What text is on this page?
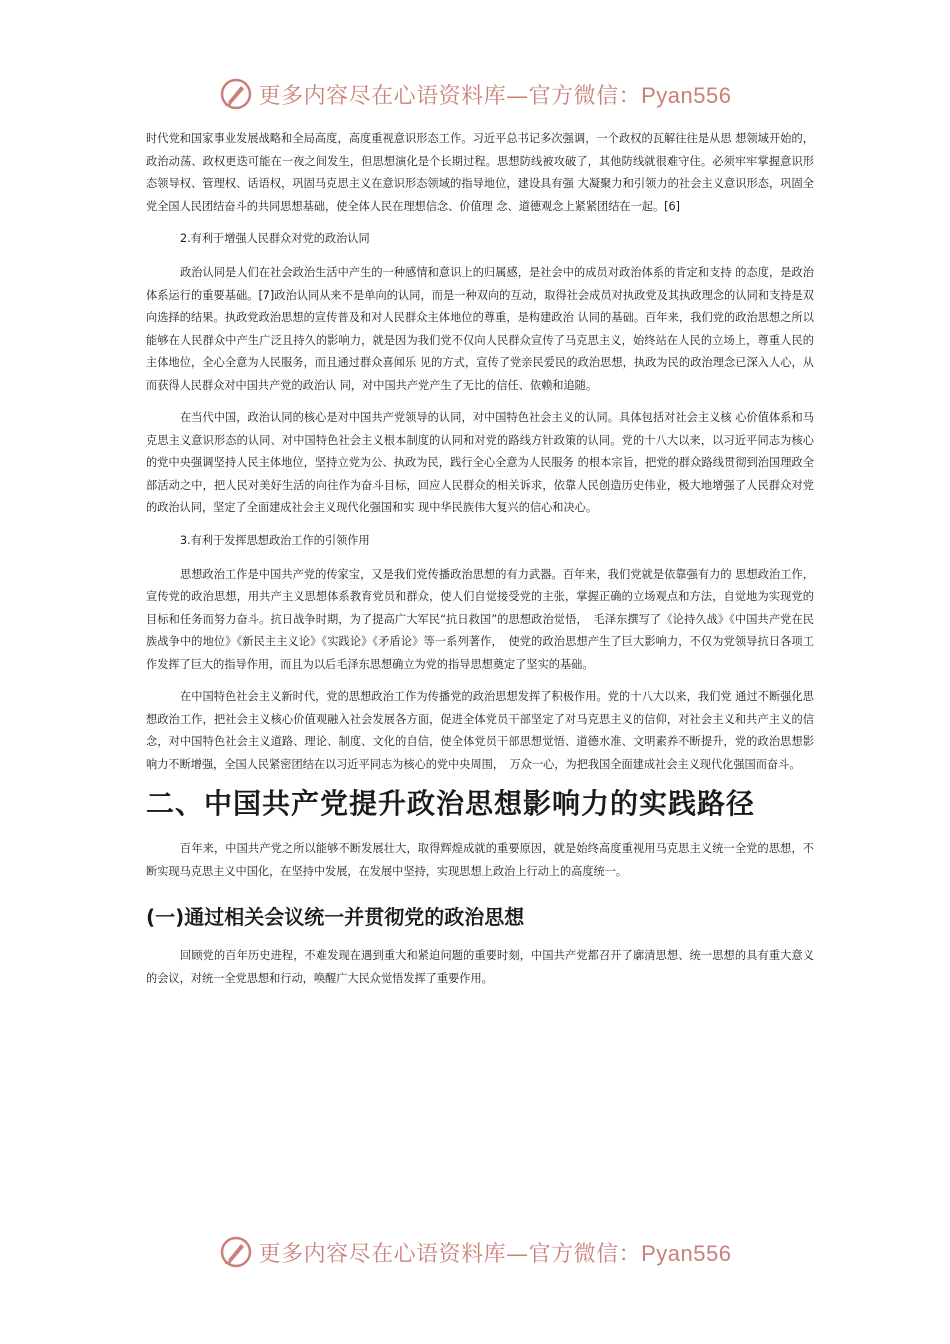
更多内容尽在心语资料库—官方微信：Pyan556

时代党和国家事业发展战略和全局高度，高度重视意识形态工作。习近平总书记多次强调，一个政权的瓦解往往是从思 想领域开始的，政治动荡、政权更迭可能在一夜之间发生，但思想演化是个长期过程。思想防线被攻破了，其他防线就很难守住。必须牢牢掌握意识形态领导权、管理权、话语权，巩固马克思主义在意识形态领域的指导地位，建设具有强 大凝聚力和引领力的社会主义意识形态，巩固全党全国人民团结奋斗的共同思想基础，使全体人民在理想信念、价值理 念、道德观念上紧紧团结在一起。[6]

2.有利于增强人民群众对党的政治认同

政治认同是人们在社会政治生活中产生的一种感情和意识上的归属感，是社会中的成员对政治体系的肯定和支持 的态度，是政治体系运行的重要基础。[7]政治认同从来不是单向的认同，而是一种双向的互动，取得社会成员对执政党及其执政理念的认同和支持是双向选择的结果。执政党政治思想的宣传普及和对人民群众主体地位的尊重，是构建政治 认同的基础。百年来，我们党的政治思想之所以能够在人民群众中产生广泛且持久的影响力，就是因为我们党不仅向人民群众宣传了马克思主义，始终站在人民的立场上，尊重人民的主体地位，全心全意为人民服务，而且通过群众喜闻乐 见的方式，宣传了党亲民爱民的政治思想，执政为民的政治理念已深入人心，从而获得人民群众对中国共产党的政治认 同，对中国共产党产生了无比的信任、依赖和追随。

在当代中国，政治认同的核心是对中国共产党领导的认同，对中国特色社会主义的认同。具体包括对社会主义核 心价值体系和马克思主义意识形态的认同、对中国特色社会主义根本制度的认同和对党的路线方针政策的认同。党的十八大以来，以习近平同志为核心的党中央强调坚持人民主体地位，坚持立党为公、执政为民，践行全心全意为人民服务 的根本宗旨，把党的群众路线贯彻到治国理政全部活动之中，把人民对美好生活的向往作为奋斗目标，回应人民群众的相关诉求，依靠人民创造历史伟业，极大地增强了人民群众对党的政治认同，坚定了全面建成社会主义现代化强国和实 现中华民族伟大复兴的信心和决心。

3.有利于发挥思想政治工作的引领作用

思想政治工作是中国共产党的传家宝，又是我们党传播政治思想的有力武器。百年来，我们党就是依靠强有力的 思想政治工作，宣传党的政治思想，用共产主义思想体系教育党员和群众，使人们自觉接受党的主张，掌握正确的立场观点和方法，自觉地为实现党的目标和任务而努力奋斗。抗日战争时期，为了提高广大军民“抗日救国”的思想政治觉悟，　毛泽东撰写了《论持久战》《中国共产党在民族战争中的地位》《新民主主义论》《实践论》《矛盾论》等一系列著作，　使党的政治思想产生了巨大影响力，不仅为党领导抗日各项工作发挥了巨大的指导作用，而且为以后毛泽东思想确立为党的指导思想奠定了坚实的基础。

在中国特色社会主义新时代，党的思想政治工作为传播党的政治思想发挥了积极作用。党的十八大以来，我们党 通过不断强化思想政治工作，把社会主义核心价值观融入社会发展各方面，促进全体党员干部坚定了对马克思主义的信仰，对社会主义和共产主义的信念，对中国特色社会主义道路、理论、制度、文化的自信，使全体党员干部思想觉悟、道德水准、文明素养不断提升，党的政治思想影响力不断增强，全国人民紧密团结在以习近平同志为核心的党中央周围，　万众一心，为把我国全面建成社会主义现代化强国而奋斗。

二、中国共产党提升政治思想影响力的实践路径

百年来，中国共产党之所以能够不断发展壮大，取得辉煌成就的重要原因，就是始终高度重视用马克思主义统一全党的思想，不断实现马克思主义中国化，在坚持中发展，在发展中坚持，实现思想上政治上行动上的高度统一。

(一)通过相关会议统一并贯彻党的政治思想

回顾党的百年历史进程，不难发现在遇到重大和紧迫问题的重要时刻，中国共产党都召开了廓清思想、统一思想的具有重大意义的会议，对统一全党思想和行动，唤醒广大民众觉悟发挥了重要作用。

更多内容尽在心语资料库—官方微信：Pyan556
